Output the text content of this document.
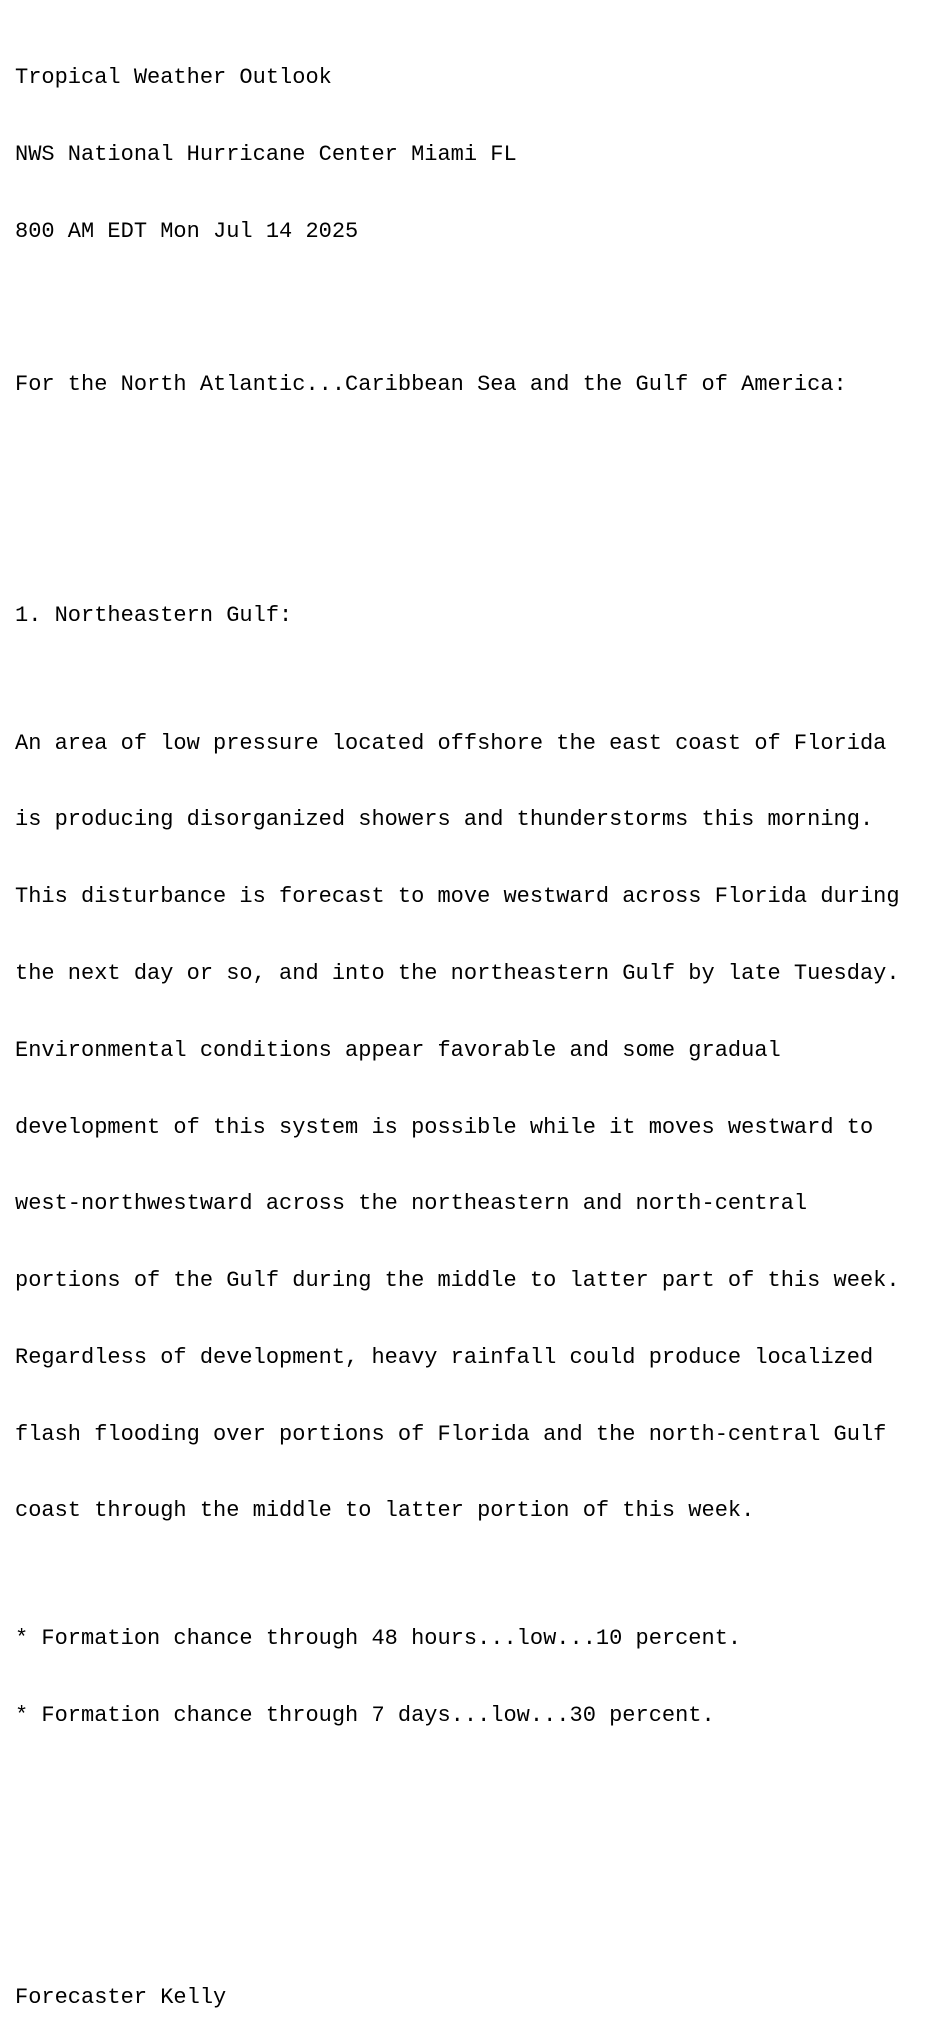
Tropical Weather Outlook

NWS National Hurricane Center Miami FL

800 AM EDT Mon Jul 14 2025

For the North Atlantic...Caribbean Sea and the Gulf of America:

1. Northeastern Gulf:

An area of low pressure located offshore the east coast of Florida

is producing disorganized showers and thunderstorms this morning.

This disturbance is forecast to move westward across Florida during

the next day or so, and into the northeastern Gulf by late Tuesday.

Environmental conditions appear favorable and some gradual

development of this system is possible while it moves westward to

west-northwestward across the northeastern and north-central

portions of the Gulf during the middle to latter part of this week.

Regardless of development, heavy rainfall could produce localized

flash flooding over portions of Florida and the north-central Gulf

coast through the middle to latter portion of this week.

* Formation chance through 48 hours...low...10 percent.

* Formation chance through 7 days...low...30 percent.

Forecaster Kelly
